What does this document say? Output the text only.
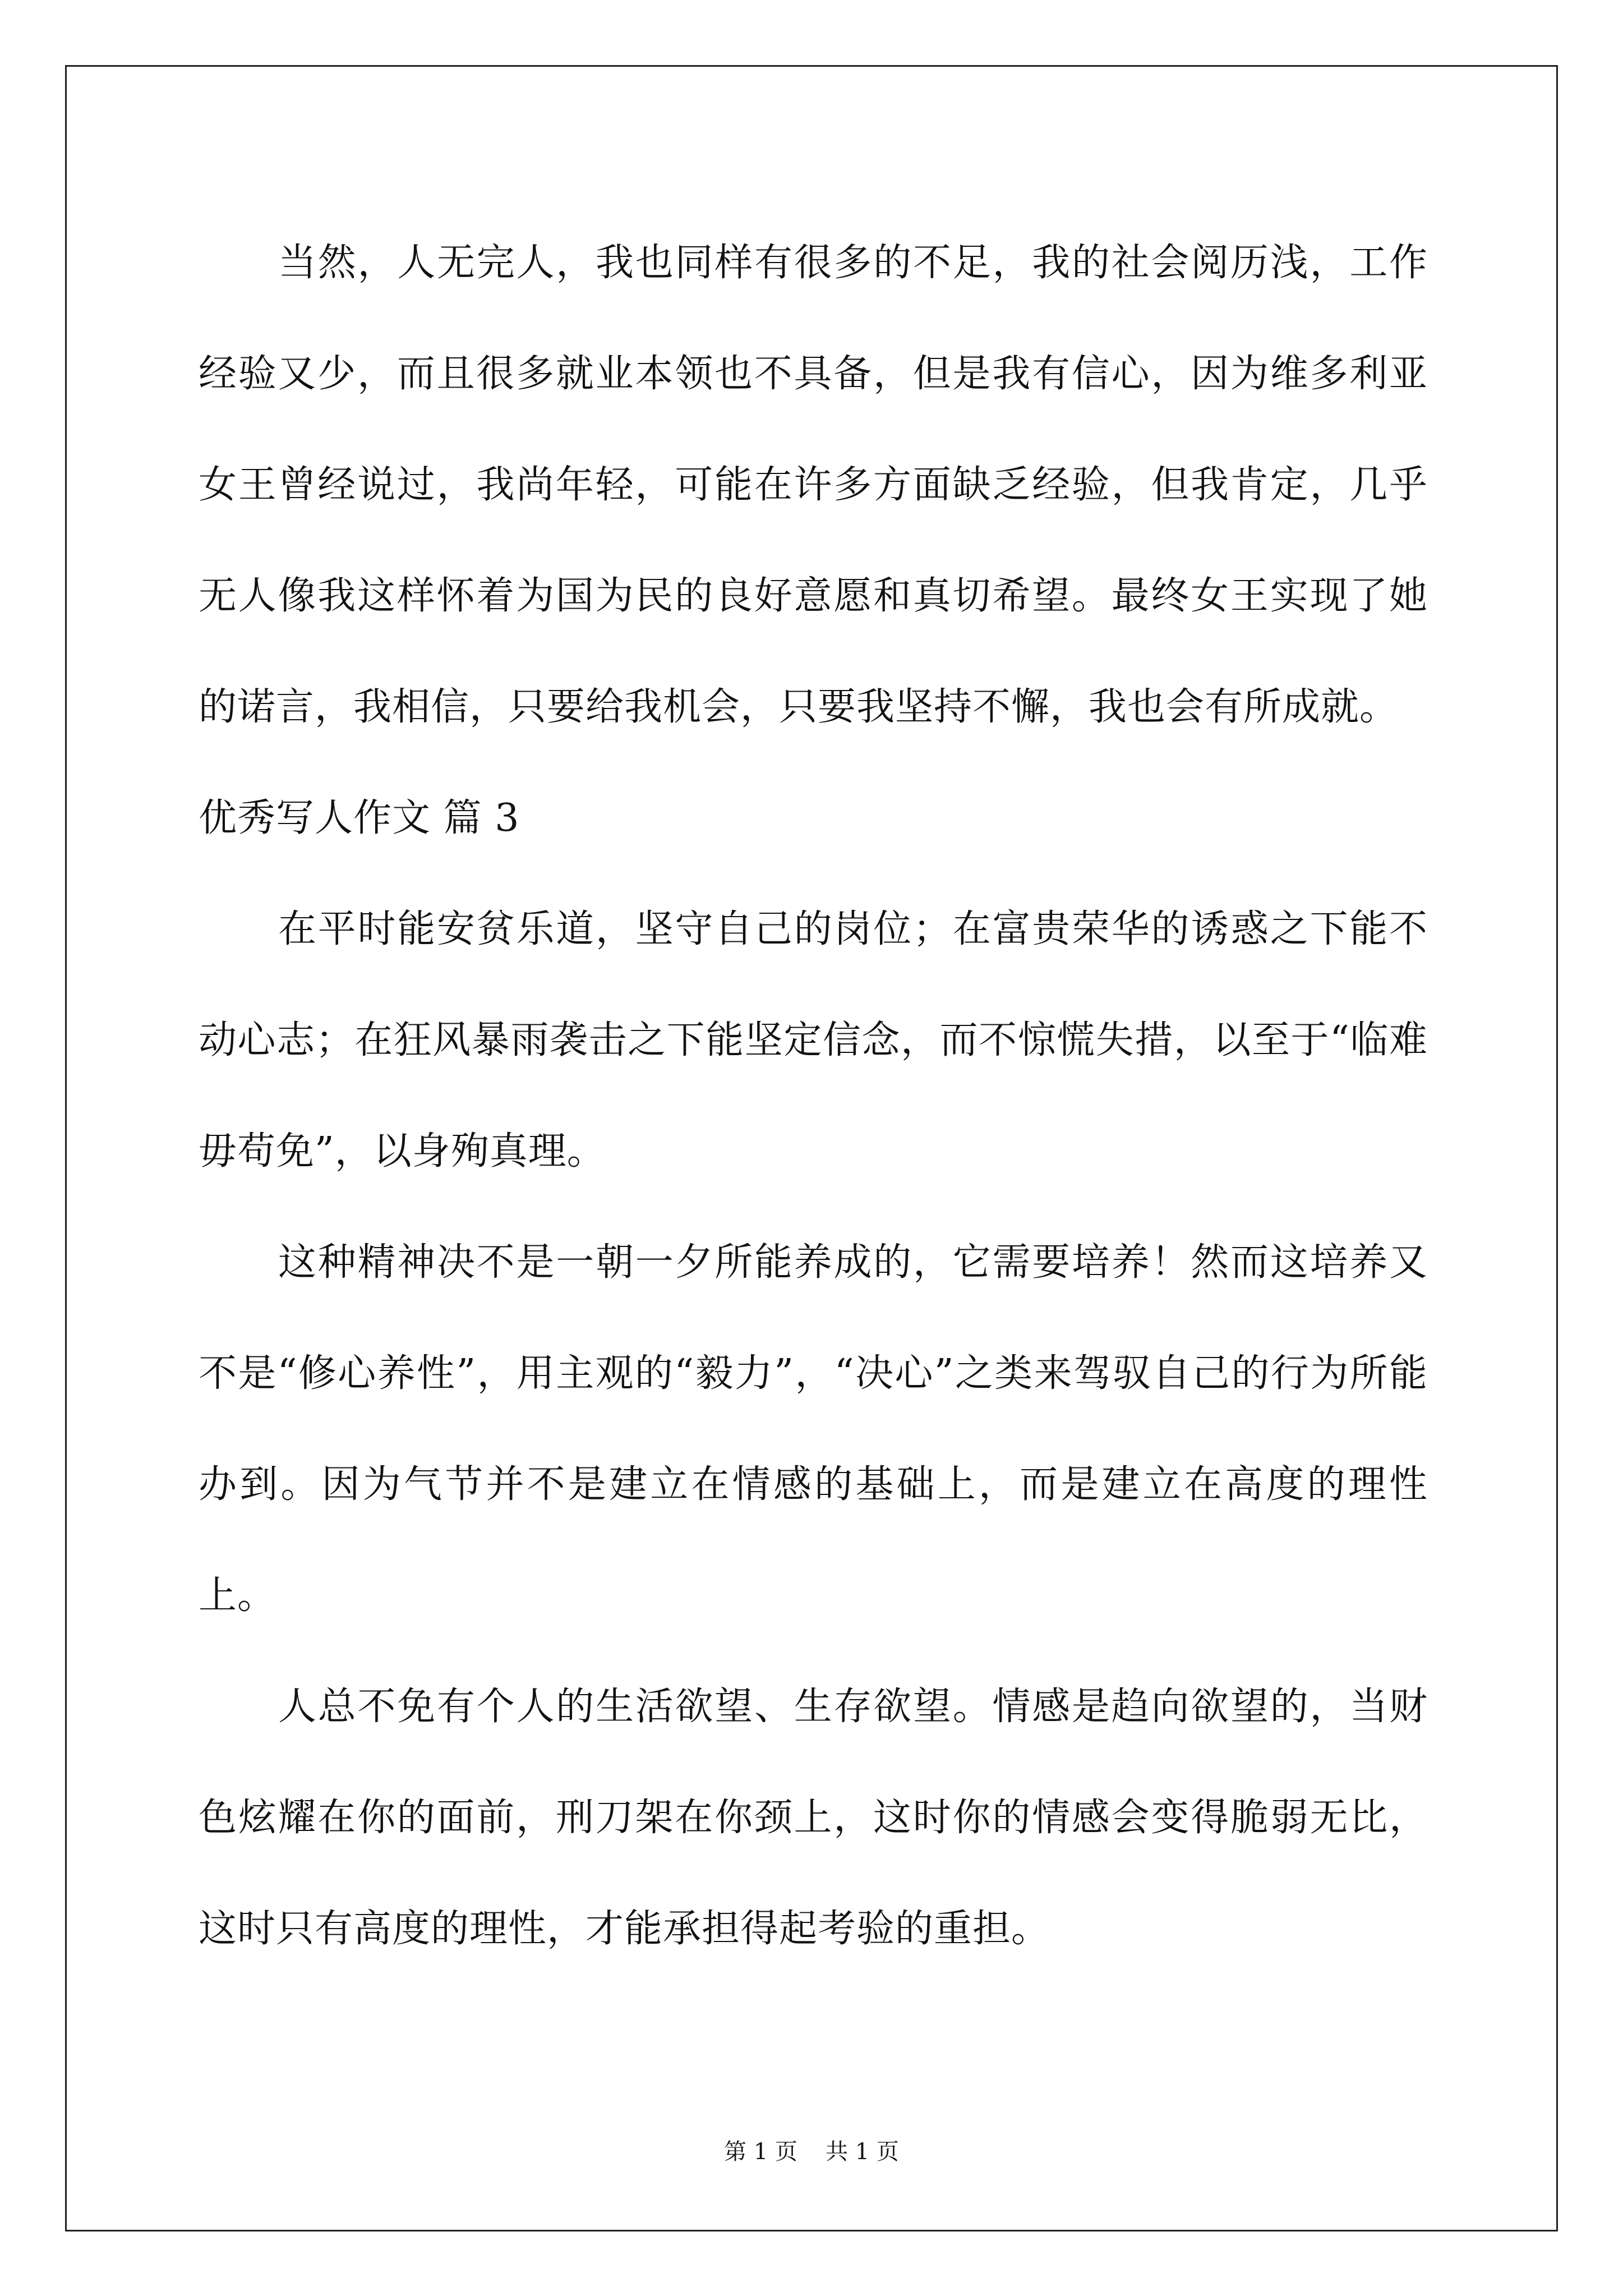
当然，人无完人，我也同样有很多的不足，我的社会阅历浅，工作经验又少，而且很多就业本领也不具备，但是我有信心，因为维多利亚女王曾经说过，我尚年轻，可能在许多方面缺乏经验，但我肯定，几乎无人像我这样怀着为国为民的良好意愿和真切希望。最终女王实现了她的诺言，我相信，只要给我机会，只要我坚持不懈，我也会有所成就。

优秀写人作文 篇 3

在平时能安贫乐道，坚守自己的岗位；在富贵荣华的诱惑之下能不动心志；在狂风暴雨袭击之下能坚定信念，而不惊慌失措，以至于“临难毋苟免”，以身殉真理。

这种精神决不是一朝一夕所能养成的，它需要培养！然而这培养又不是“修心养性”，用主观的“毅力”，“决心”之类来驾驭自己的行为所能办到。因为气节并不是建立在情感的基础上，而是建立在高度的理性上。

人总不免有个人的生活欲望、生存欲望。情感是趋向欲望的，当财色炫耀在你的面前，刑刀架在你颈上，这时你的情感会变得脆弱无比，这时只有高度的理性，才能承担得起考验的重担。

第 1 页 共 1 页
